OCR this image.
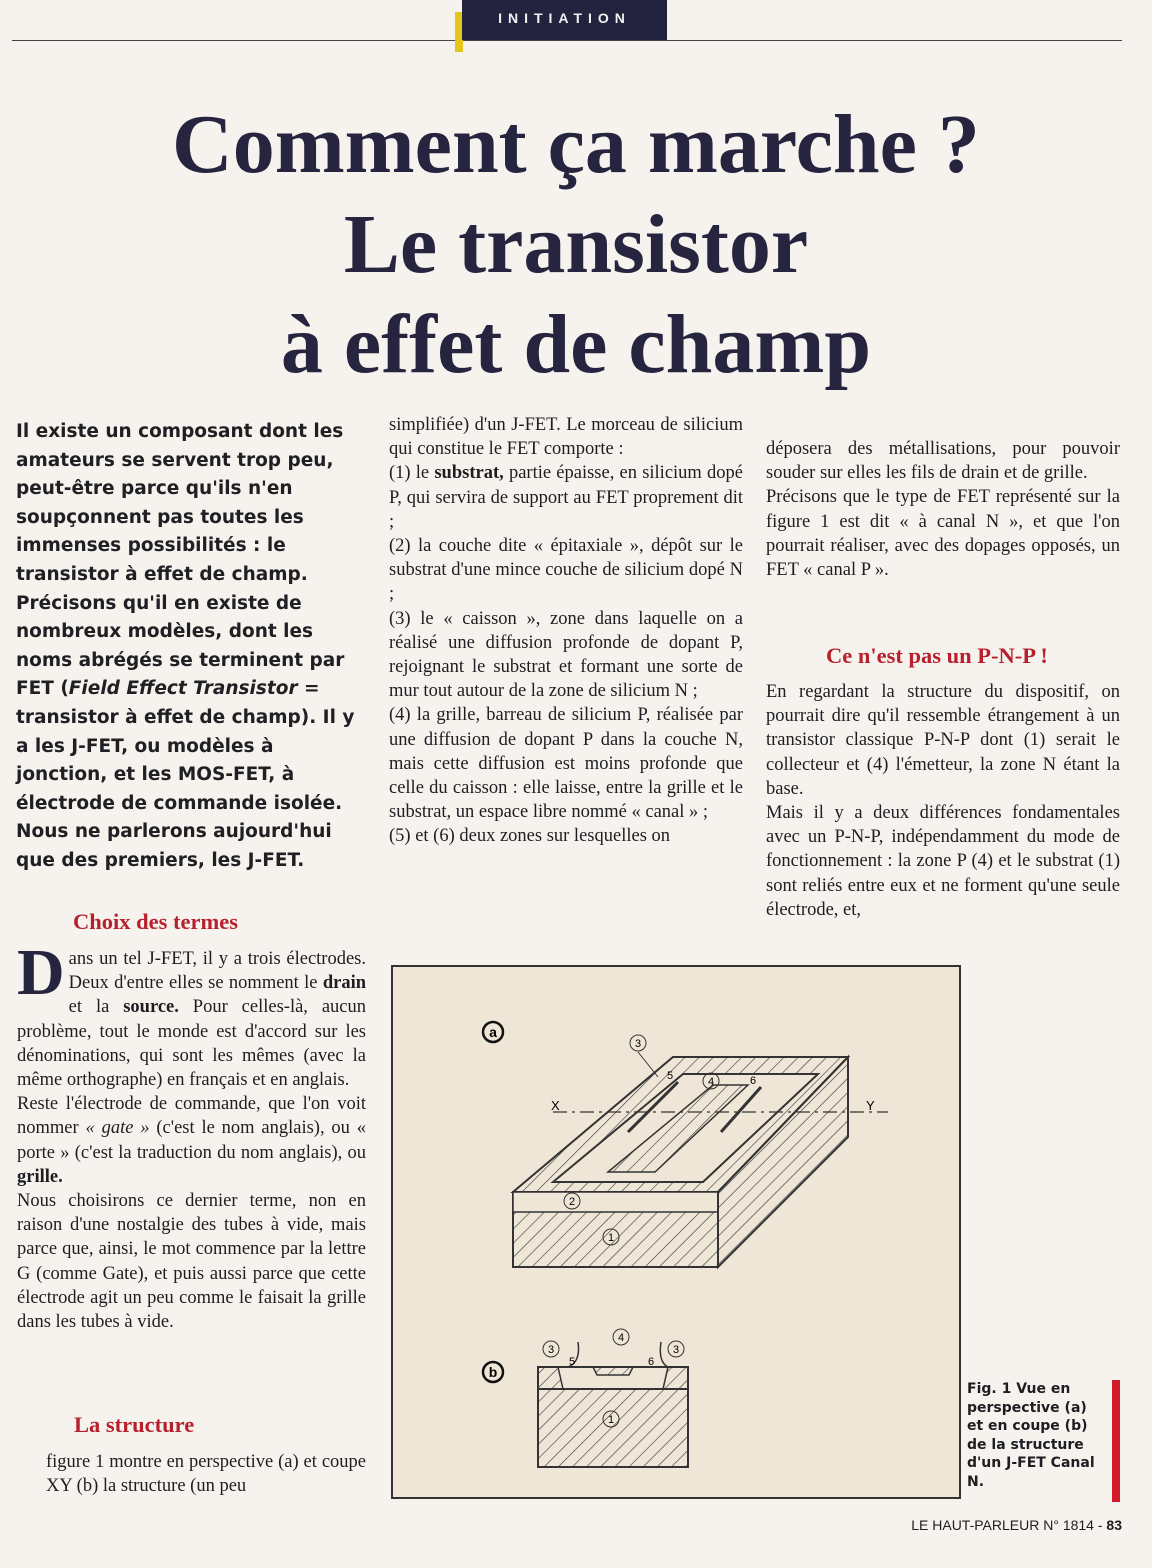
INITIATION
Comment ça marche ?
Le transistor
à effet de champ

Il existe un composant dont les amateurs se servent trop peu, peut-être parce qu'ils n'en soupçonnent pas toutes les immenses possibilités : le transistor à effet de champ.

Précisons qu'il en existe de nombreux modèles, dont les noms abrégés se terminent par FET (Field Effect Transistor = transistor à effet de champ). Il y a les J-FET, ou modèles à jonction, et les MOS-FET, à électrode de commande isolée.

Nous ne parlerons aujourd'hui que des premiers, les J-FET.

Choix des termes

Dans un tel J-FET, il y a trois électrodes. Deux d'entre elles se nomment le drain et la source. Pour celles-là, aucun problème, tout le monde est d'accord sur les dénominations, qui sont les mêmes (avec la même orthographe) en français et en anglais.

Reste l'électrode de commande, que l'on voit nommer « gate » (c'est le nom anglais), ou « porte » (c'est la traduction du nom anglais), ou grille.

Nous choisirons ce dernier terme, non en raison d'une nostalgie des tubes à vide, mais parce que, ainsi, le mot commence par la lettre G (comme Gate), et puis aussi parce que cette électrode agit un peu comme le faisait la grille dans les tubes à vide.

La structure

figure 1 montre en perspective (a) et coupe XY (b) la structure (un peu

simplifiée) d'un J-FET. Le morceau de silicium qui constitue le FET comporte :

(1) le substrat, partie épaisse, en silicium dopé P, qui servira de support au FET proprement dit ;

(2) la couche dite « épitaxiale », dépôt sur le substrat d'une mince couche de silicium dopé N ;

(3) le « caisson », zone dans laquelle on a réalisé une diffusion profonde de dopant P, rejoignant le substrat et formant une sorte de mur tout autour de la zone de silicium N ;

(4) la grille, barreau de silicium P, réalisée par une diffusion de dopant P dans la couche N, mais cette diffusion est moins profonde que celle du caisson : elle laisse, entre la grille et le substrat, un espace libre nommé « canal » ;

(5) et (6) deux zones sur lesquelles on

déposera des métallisations, pour pouvoir souder sur elles les fils de drain et de grille.

Précisons que le type de FET représenté sur la figure 1 est dit « à canal N », et que l'on pourrait réaliser, avec des dopages opposés, un FET « canal P ».

Ce n'est pas un P-N-P !

En regardant la structure du dispositif, on pourrait dire qu'il ressemble étrangement à un transistor classique P-N-P dont (1) serait le collecteur et (4) l'émetteur, la zone N étant la base.

Mais il y a deux différences fondamentales avec un P-N-P, indépendamment du mode de fonctionnement : la zone P (4) et le substrat (1) sont reliés entre eux et ne forment qu'une seule électrode, et,

a
X	Y
3
5	4	6
2
1
b
3
4
3
5	6
1
Fig. 1 Vue en perspective (a) et en coupe (b) de la structure d'un J-FET Canal N.
LE HAUT-PARLEUR N° 1814 - 83
